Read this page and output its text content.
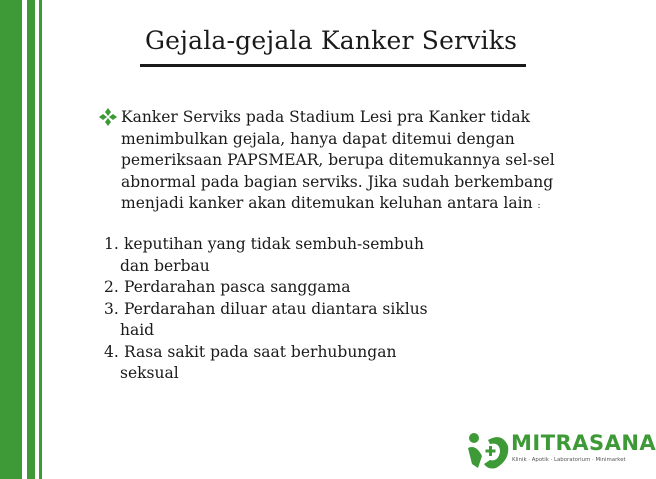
Gejala-gejala Kanker Serviks
Kanker Serviks pada Stadium Lesi pra Kanker tidak
menimbulkan gejala, hanya dapat ditemui dengan
pemeriksaan PAPSMEAR, berupa ditemukannya sel-sel
abnormal pada bagian serviks. Jika sudah berkembang
menjadi kanker akan ditemukan keluhan antara lain :
1. keputihan yang tidak sembuh-sembuh
dan berbau
2. Perdarahan pasca sanggama
3. Perdarahan diluar atau diantara siklus
haid
4. Rasa sakit pada saat berhubungan
seksual
MITRASANA
Klinik · Apotik · Laboratorium · Minimarket
